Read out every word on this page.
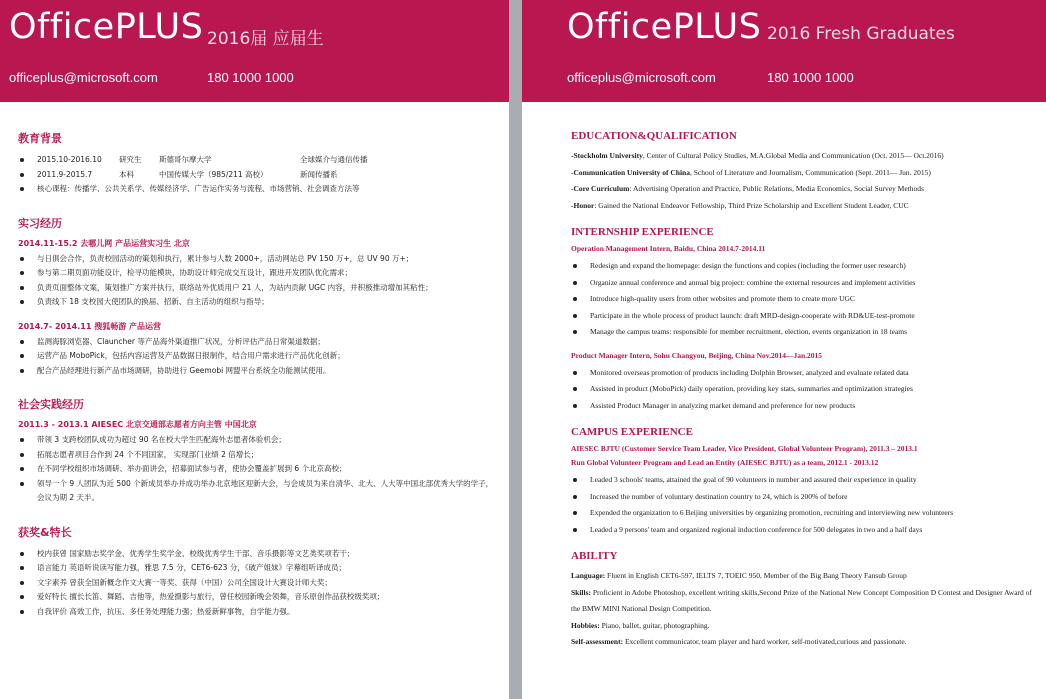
OfficePLUS 2016届 应届生
officeplus@microsoft.com	180 1000 1000
教育背景
2015.10-2016.10	研究生	斯德哥尔摩大学	全球媒介与通信传播
2011.9-2015.7	本科	中国传媒大学（985/211 高校）	新闻传播系
核心课程：传播学、公共关系学、传媒经济学、广告运作实务与流程、市场营销、社会调查方法等
实习经历
2014.11-15.2 去哪儿网 产品运营实习生 北京
与日俱会合作，负责校园活动的策划和执行，累计参与人数 2000+，活动网站总 PV 150 万+，总 UV 90 万+；
参与第二期页面功能设计，检寻功能模块，协助设计师完成交互设计，跟进开发团队优化需求；
负责页面整体文案，策划推广方案并执行，联络站外优质用户 21 人，为站内贡献 UGC 内容，并积极推动增加其粘性；
负责线下 18 支校园大使团队的换届、招新、自主活动的组织与指导；
2014.7- 2014.11 搜狐畅游 产品运营
监测海豚浏览器、Clauncher 等产品海外渠道推广状况，分析评估产品日常渠道数据；
运营产品 MoboPick，包括内容运营及产品数据日报制作，结合用户需求进行产品优化创新；
配合产品经理进行新产品市场调研，协助进行 Geemobi 网盟平台系统全功能测试使用。
社会实践经历
2011.3 - 2013.1 AIESEC 北京交通部志愿者方向主管 中国北京
带领 3 支跨校团队成功为超过 90 名在校大学生匹配海外志愿者体验机会；
拓展志愿者项目合作到 24 个不同国家， 实现部门业绩 2 倍增长；
在不同学校组织市场调研、举办面讲会，招募面试参与者，使协会覆盖扩展到 6 个北京高校；
领导一个 9 人团队为近 500 个新成员举办并成功举办北京地区迎新大会，与会成员为来自清华、北大、人大等中国北部优秀大学的学子，会议为期 2 天半。
获奖&特长
校内获曾 国家励志奖学金、优秀学生奖学金、校级优秀学生干部、音乐摄影等文艺类奖项若干；
语言能力 英语听说读写能力强，雅思 7.5 分，CET6-623 分，《破产姐妹》字幕组听译成员；
文字素养 曾获全国新概念作文大赛一等奖、获得（中国）公司全国设计大赛设计师大奖；
爱好特长 擅长长笛、舞蹈、吉他等，热爱摄影与旅行，曾任校园新晚会领舞，音乐原创作品获校级奖项；
自我评价 高效工作，抗压、多任务处理能力强；热爱新鲜事物，自学能力强。
OfficePLUS 2016 Fresh Graduates
officeplus@microsoft.com	180 1000 1000
EDUCATION&QUALIFICATION
-Stockholm University, Center of Cultural Policy Studies, M.A.Global Media and Communication (Oct. 2015— Oct.2016)
-Communication University of China, School of Literature and Journalism, Communication (Sept. 2011— Jun. 2015)
-Core Curriculum: Advertising Operation and Practice, Public Relations, Media Economics, Social Survey Methods
-Honor: Gained the National Endeavor Fellowship, Third Prize Scholarship and Excellent Student Leader, CUC
INTERNSHIP EXPERIENCE
Operation Management Intern, Baidu, China 2014.7-2014.11
Redesign and expand the homepage: design the functions and copies (including the former user research)
Organize annual conference and annual big project: combine the external resources and implement activities
Introduce high-quality users from other websites and promote them to create more UGC
Participate in the whole process of product launch: draft MRD-design-cooperate with RD&UE-test-promote
Manage the campus teams: responsible for member recruitment, election, events organization in 18 teams
Product Manager Intern, Sohu Changyou, Beijing, China Nov.2014—Jan.2015
Monitored overseas promotion of products including Dolphin Browser, analyzed and evaluate related data
Assisted in product (MoboPick) daily operation, providing key stats, summaries and optimization strategies
Assisted Product Manager in analyzing market demand and preference for new products
CAMPUS EXPERIENCE
AIESEC BJTU (Customer Service Team Leader, Vice President, Global Volunteer Program), 2011.3 – 2013.1
Run Global Volunteer Program and Lead an Entity (AIESEC BJTU) as a team, 2012.1 - 2013.12
Leaded 3 schools' teams, attained the goal of 90 volunteers in number and assured their experience in quality
Increased the number of voluntary destination country to 24, which is 200% of before
Expended the organization to 6 Beijing universities by organizing promotion, recruiting and interviewing new volunteers
Leaded a 9 persons' team and organized regional induction conference for 500 delegates in two and a half days
ABILITY
Language: Fluent in English CET6-597, IELTS 7, TOEIC 950, Member of the Big Bang Theory Fansub Group
Skills: Proficient in Adobe Photoshop, excellent writing skills,Second Prize of the National New Concept Composition D Contest and Designer Award of the BMW MINI National Design Competition.
Hobbies: Piano, ballet, guitar, photographing.
Self-assessment: Excellent communicator, team player and hard worker, self-motivated,curious and passionate.
